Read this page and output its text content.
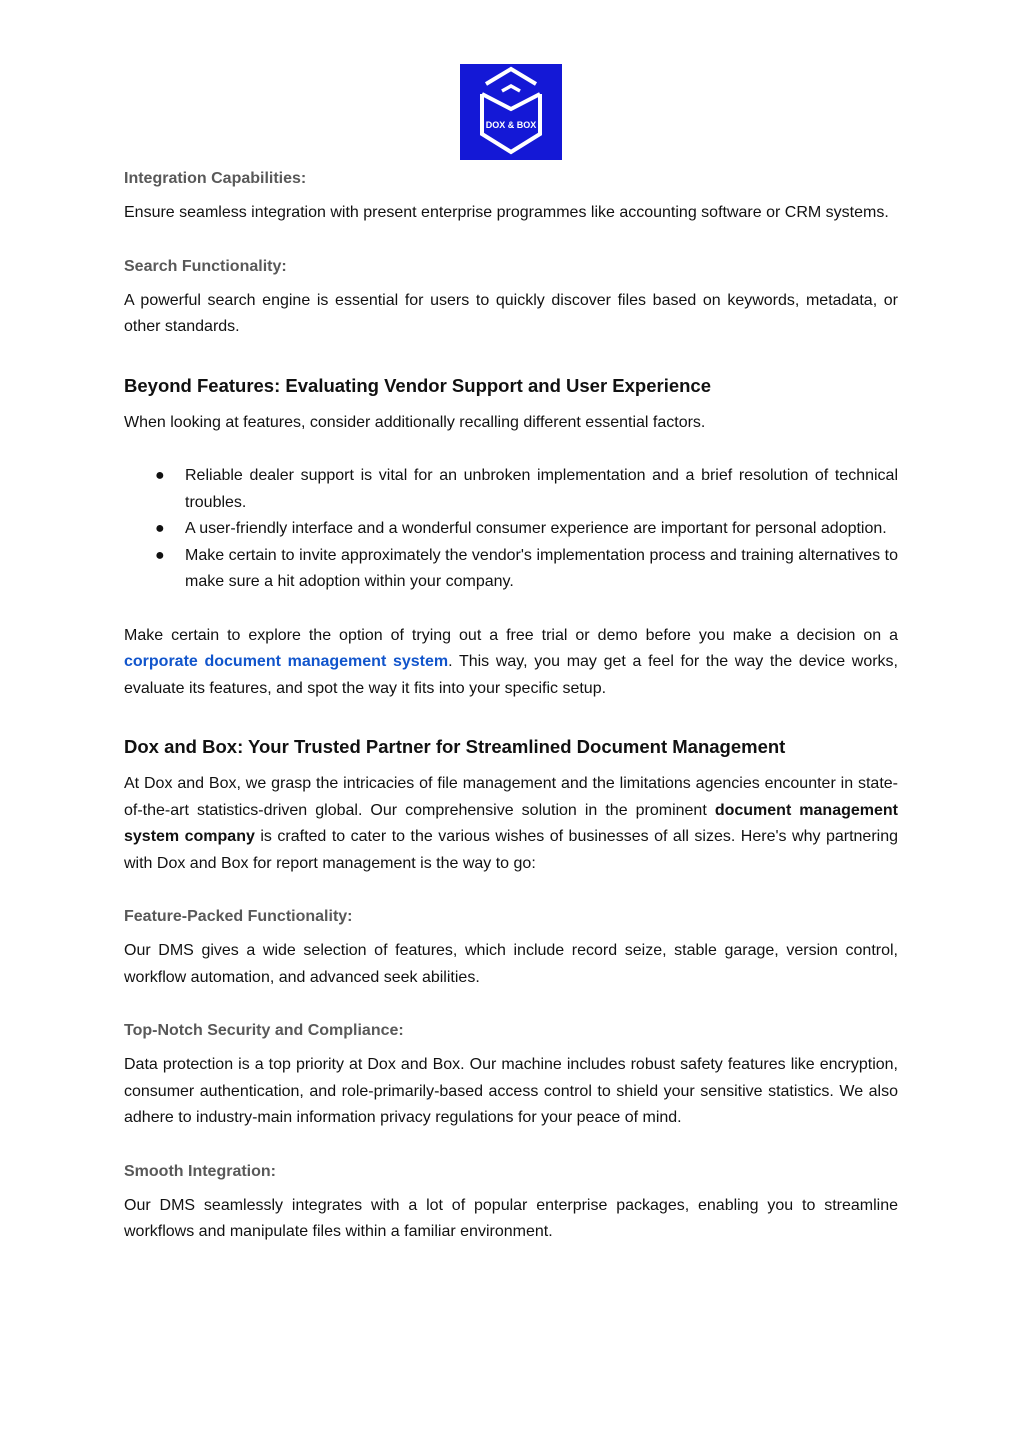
DOX & BOX

Integration Capabilities:

Ensure seamless integration with present enterprise programmes like accounting software or CRM systems.

Search Functionality:

A powerful search engine is essential for users to quickly discover files based on keywords, metadata, or other standards.

Beyond Features: Evaluating Vendor Support and User Experience

When looking at features, consider additionally recalling different essential factors.

● Reliable dealer support is vital for an unbroken implementation and a brief resolution of technical troubles.
● A user-friendly interface and a wonderful consumer experience are important for personal adoption.
● Make certain to invite approximately the vendor's implementation process and training alternatives to make sure a hit adoption within your company.

Make certain to explore the option of trying out a free trial or demo before you make a decision on a corporate document management system. This way, you may get a feel for the way the device works, evaluate its features, and spot the way it fits into your specific setup.

Dox and Box: Your Trusted Partner for Streamlined Document Management

At Dox and Box, we grasp the intricacies of file management and the limitations agencies encounter in state-of-the-art statistics-driven global. Our comprehensive solution in the prominent document management system company is crafted to cater to the various wishes of businesses of all sizes. Here's why partnering with Dox and Box for report management is the way to go:

Feature-Packed Functionality:

Our DMS gives a wide selection of features, which include record seize, stable garage, version control, workflow automation, and advanced seek abilities.

Top-Notch Security and Compliance:

Data protection is a top priority at Dox and Box. Our machine includes robust safety features like encryption, consumer authentication, and role-primarily-based access control to shield your sensitive statistics. We also adhere to industry-main information privacy regulations for your peace of mind.

Smooth Integration:

Our DMS seamlessly integrates with a lot of popular enterprise packages, enabling you to streamline workflows and manipulate files within a familiar environment.
